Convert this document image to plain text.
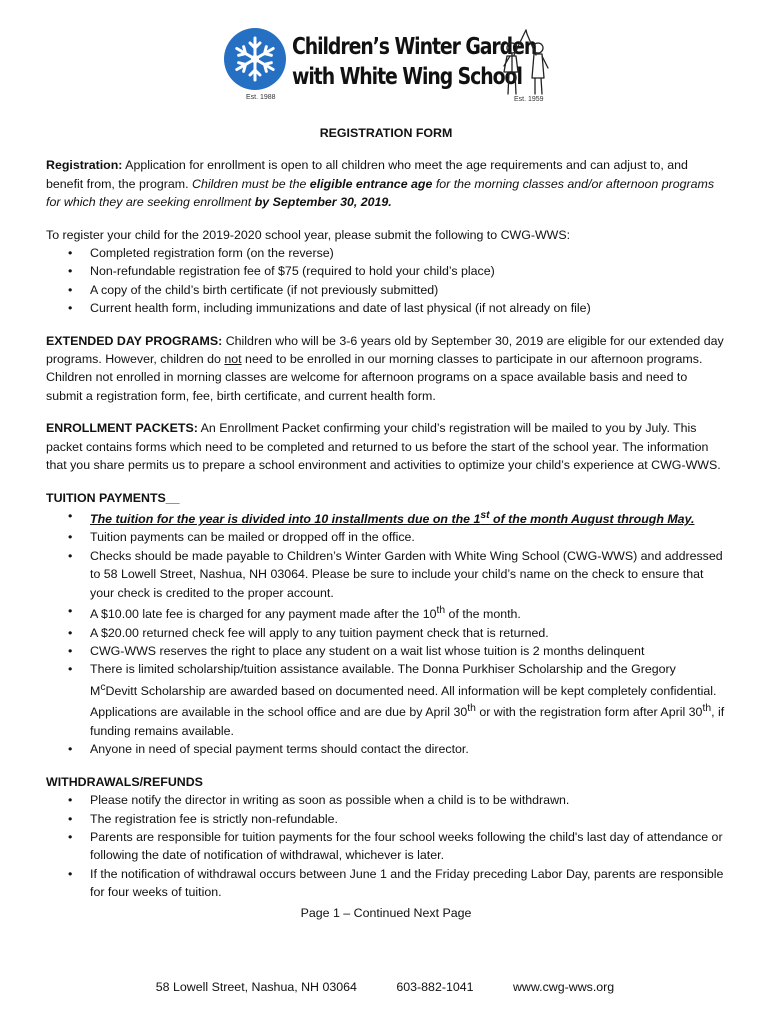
Est. 1988
Children’s Winter Garden
with White Wing School
Est. 1959
REGISTRATION FORM

Registration: Application for enrollment is open to all children who meet the age requirements and can adjust to, and benefit from, the program. Children must be the eligible entrance age for the morning classes and/or afternoon programs for which they are seeking enrollment by September 30, 2019.

To register your child for the 2019-2020 school year, please submit the following to CWG-WWS:
• Completed registration form (on the reverse)
• Non-refundable registration fee of $75 (required to hold your child’s place)
• A copy of the child’s birth certificate (if not previously submitted)
• Current health form, including immunizations and date of last physical (if not already on file)

EXTENDED DAY PROGRAMS: Children who will be 3-6 years old by September 30, 2019 are eligible for our extended day programs. However, children do not need to be enrolled in our morning classes to participate in our afternoon programs. Children not enrolled in morning classes are welcome for afternoon programs on a space available basis and need to submit a registration form, fee, birth certificate, and current health form.

ENROLLMENT PACKETS: An Enrollment Packet confirming your child’s registration will be mailed to you by July. This packet contains forms which need to be completed and returned to us before the start of the school year. The information that you share permits us to prepare a school environment and activities to optimize your child’s experience at CWG-WWS.

TUITION PAYMENTS__
• The tuition for the year is divided into 10 installments due on the 1st of the month August through May.
• Tuition payments can be mailed or dropped off in the office.
• Checks should be made payable to Children’s Winter Garden with White Wing School (CWG-WWS) and addressed to 58 Lowell Street, Nashua, NH 03064. Please be sure to include your child’s name on the check to ensure that your check is credited to the proper account.
• A $10.00 late fee is charged for any payment made after the 10th of the month.
• A $20.00 returned check fee will apply to any tuition payment check that is returned.
• CWG-WWS reserves the right to place any student on a wait list whose tuition is 2 months delinquent
• There is limited scholarship/tuition assistance available. The Donna Purkhiser Scholarship and the Gregory $M^cDevitt$ Scholarship are awarded based on documented need. All information will be kept completely confidential. Applications are available in the school office and are due by April 30th or with the registration form after April 30th, if funding remains available.
• Anyone in need of special payment terms should contact the director.
WITHDRAWALS/REFUNDS
• Please notify the director in writing as soon as possible when a child is to be withdrawn.
• The registration fee is strictly non-refundable.
• Parents are responsible for tuition payments for the four school weeks following the child's last day of attendance or following the date of notification of withdrawal, whichever is later.
• If the notification of withdrawal occurs between June 1 and the Friday preceding Labor Day, parents are responsible for four weeks of tuition.
Page 1 – Continued Next Page
58 Lowell Street, Nashua, NH 03064	603-882-1041	www.cwg-wws.org
